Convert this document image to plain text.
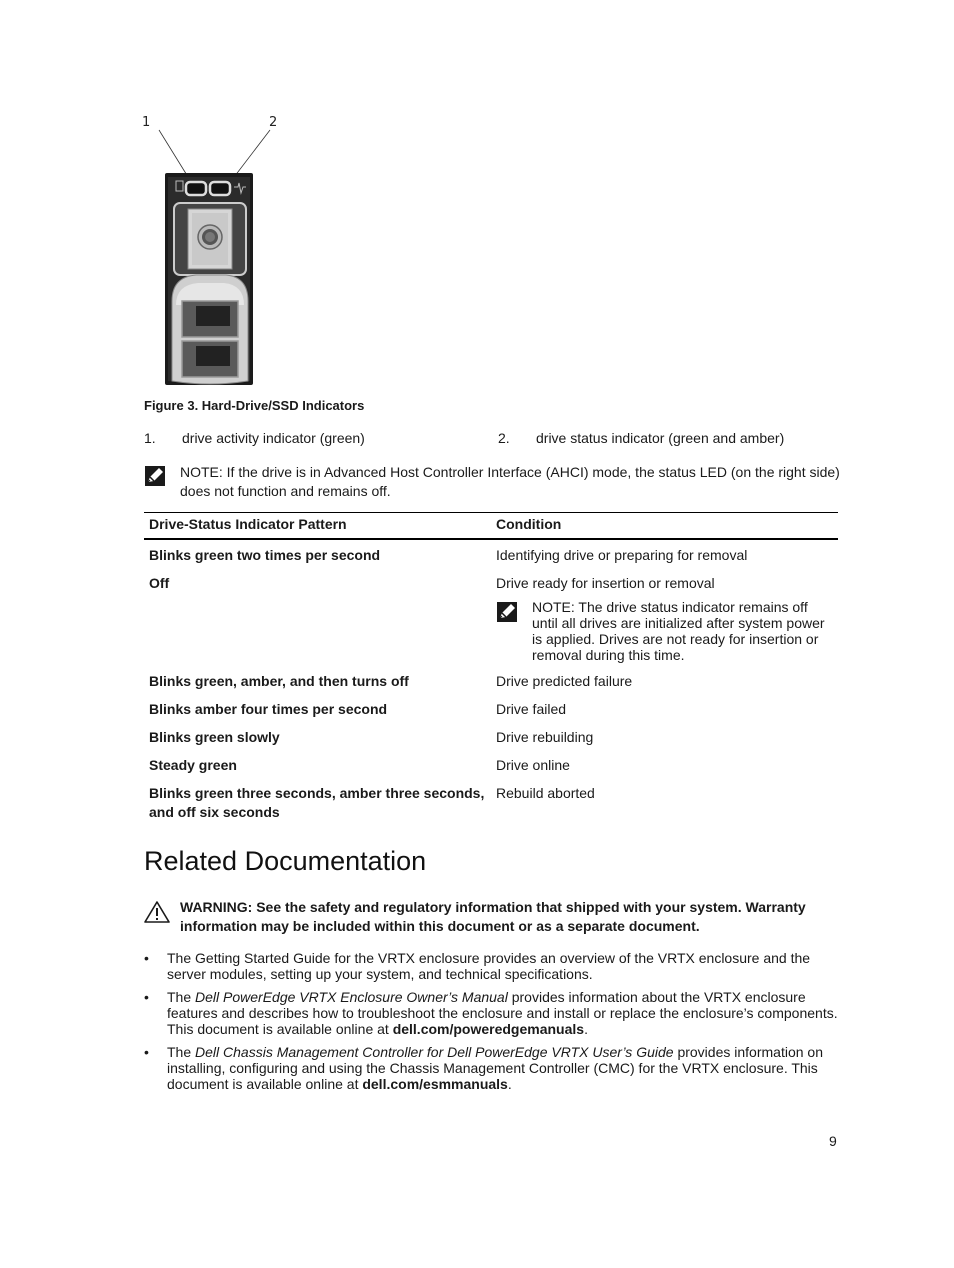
1	2
Figure 3. Hard-Drive/SSD Indicators
1. drive activity indicator (green)	2. drive status indicator (green and amber)
NOTE: If the drive is in Advanced Host Controller Interface (AHCI) mode, the status LED (on the right side) does not function and remains off.
Drive-Status Indicator Pattern	Condition
Blinks green two times per second	Identifying drive or preparing for removal
Off	Drive ready for insertion or removal
NOTE: The drive status indicator remains off until all drives are initialized after system power is applied. Drives are not ready for insertion or removal during this time.

Blinks green, amber, and then turns off	Drive predicted failure
Blinks amber four times per second	Drive failed
Blinks green slowly	Drive rebuilding
Steady green	Drive online
Blinks green three seconds, amber three seconds, and off six seconds	Rebuild aborted
Related Documentation
WARNING: See the safety and regulatory information that shipped with your system. Warranty information may be included within this document or as a separate document.
• The Getting Started Guide for the VRTX enclosure provides an overview of the VRTX enclosure and the server modules, setting up your system, and technical specifications.
• The Dell PowerEdge VRTX Enclosure Owner’s Manual provides information about the VRTX enclosure features and describes how to troubleshoot the enclosure and install or replace the enclosure’s components. This document is available online at dell.com/poweredgemanuals.
• The Dell Chassis Management Controller for Dell PowerEdge VRTX User’s Guide provides information on installing, configuring and using the Chassis Management Controller (CMC) for the VRTX enclosure. This document is available online at dell.com/esmmanuals.
9
